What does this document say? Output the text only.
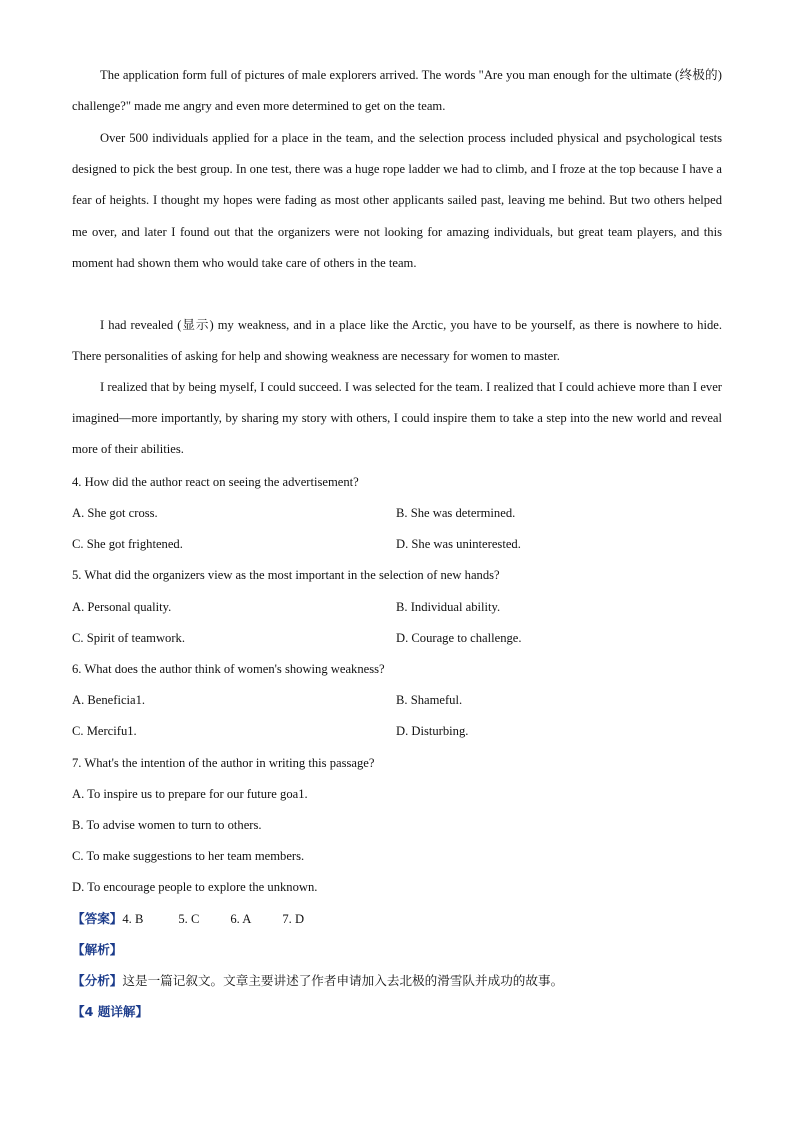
The application form full of pictures of male explorers arrived. The words "Are you man enough for the ultimate (终极的) challenge?" made me angry and even more determined to get on the team.

Over 500 individuals applied for a place in the team, and the selection process included physical and psychological tests designed to pick the best group. In one test, there was a huge rope ladder we had to climb, and I froze at the top because I have a fear of heights. I thought my hopes were fading as most other applicants sailed past, leaving me behind. But two others helped me over, and later I found out that the organizers were not looking for amazing individuals, but great team players, and this moment had shown them who would take care of others in the team.

I had revealed (显示) my weakness, and in a place like the Arctic, you have to be yourself, as there is nowhere to hide. There personalities of asking for help and showing weakness are necessary for women to master.

I realized that by being myself, I could succeed. I was selected for the team. I realized that I could achieve more than I ever imagined—more importantly, by sharing my story with others, I could inspire them to take a step into the new world and reveal more of their abilities.

4. How did the author react on seeing the advertisement?

A. She got cross.	B. She was determined.

C. She got frightened.	D. She was uninterested.

5. What did the organizers view as the most important in the selection of new hands?

A. Personal quality.	B. Individual ability.

C. Spirit of teamwork.	D. Courage to challenge.

6. What does the author think of women's showing weakness?

A. Beneficia1.	B. Shameful.

C. Mercifu1.	D. Disturbing.

7. What's the intention of the author in writing this passage?

A. To inspire us to prepare for our future goa1.

B. To advise women to turn to others.

C. To make suggestions to her team members.

D. To encourage people to explore the unknown.

【答案】4. B	5. C 6. A 7. D

【解析】

【分析】这是一篇记叙文。文章主要讲述了作者申请加入去北极的滑雪队并成功的故事。

【4 题详解】
